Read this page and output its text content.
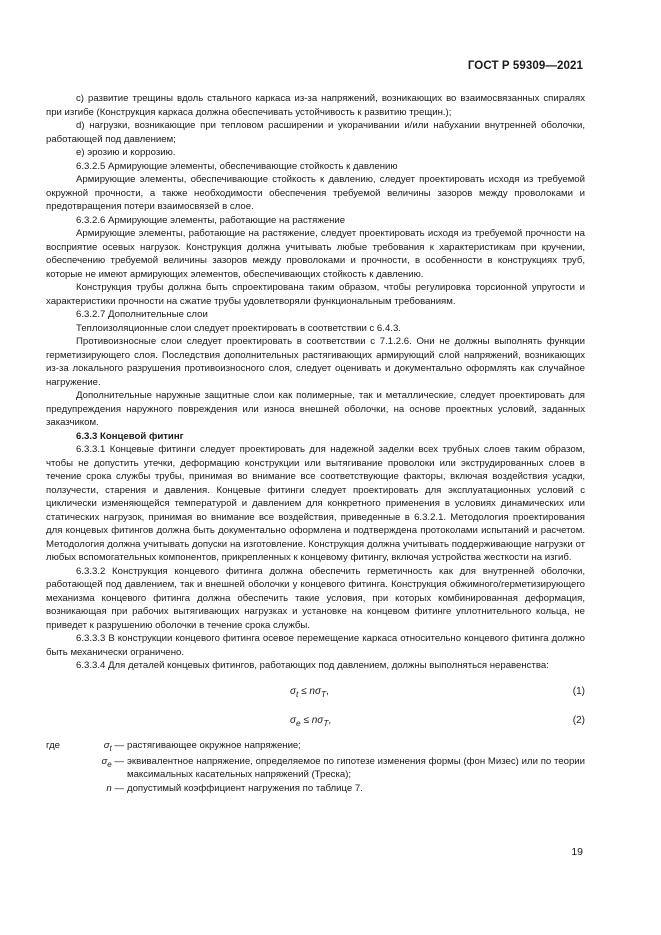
ГОСТ Р 59309—2021

с) развитие трещины вдоль стального каркаса из-за напряжений, возникающих во взаимосвязанных спиралях при изгибе (Конструкция каркаса должна обеспечивать устойчивость к развитию трещин.);

d) нагрузки, возникающие при тепловом расширении и укорачивании и/или набухании внутренней оболочки, работающей под давлением;

е) эрозию и коррозию.

6.3.2.5 Армирующие элементы, обеспечивающие стойкость к давлению

Армирующие элементы, обеспечивающие стойкость к давлению, следует проектировать исходя из требуемой окружной прочности, а также необходимости обеспечения требуемой величины зазоров между проволоками и предотвращения потери взаимосвязей в слое.

6.3.2.6 Армирующие элементы, работающие на растяжение

Армирующие элементы, работающие на растяжение, следует проектировать исходя из требуемой прочности на восприятие осевых нагрузок. Конструкция должна учитывать любые требования к характеристикам при кручении, обеспечению требуемой величины зазоров между проволоками и прочности, в особенности в конструкциях труб, которые не имеют армирующих элементов, обеспечивающих стойкость к давлению.

Конструкция трубы должна быть спроектирована таким образом, чтобы регулировка торсионной упругости и характеристики прочности на сжатие трубы удовлетворяли функциональным требованиям.

6.3.2.7 Дополнительные слои

Теплоизоляционные слои следует проектировать в соответствии с 6.4.3.

Противоизносные слои следует проектировать в соответствии с 7.1.2.6. Они не должны выполнять функции герметизирующего слоя. Последствия дополнительных растягивающих армирующий слой напряжений, возникающих из-за локального разрушения противоизносного слоя, следует оценивать и документально оформлять как случайное нагружение.

Дополнительные наружные защитные слои как полимерные, так и металлические, следует проектировать для предупреждения наружного повреждения или износа внешней оболочки, на основе проектных условий, заданных заказчиком.

6.3.3 Концевой фитинг

6.3.3.1 Концевые фитинги следует проектировать для надежной заделки всех трубных слоев таким образом, чтобы не допустить утечки, деформацию конструкции или вытягивание проволоки или экструдированных слоев в течение срока службы трубы, принимая во внимание все соответствующие факторы, включая воздействия усадки, ползучести, старения и давления. Концевые фитинги следует проектировать для эксплуатационных условий с циклически изменяющейся температурой и давлением для конкретного применения в условиях динамических или статических нагрузок, принимая во внимание все воздействия, приведенные в 6.3.2.1. Методология проектирования для концевых фитингов должна быть документально оформлена и подтверждена протоколами испытаний и расчетом. Методология должна учитывать допуски на изготовление. Конструкция должна учитывать поддерживающие нагрузки от любых вспомогательных компонентов, прикрепленных к концевому фитингу, включая устройства жесткости на изгиб.

6.3.3.2 Конструкция концевого фитинга должна обеспечить герметичность как для внутренней оболочки, работающей под давлением, так и внешней оболочки у концевого фитинга. Конструкция обжимного/герметизирующего механизма концевого фитинга должна обеспечить такие условия, при которых комбинированная деформация, возникающая при рабочих вытягивающих нагрузках и установке на концевом фитинге уплотнительного кольца, не приведет к разрушению оболочки в течение срока службы.

6.3.3.3 В конструкции концевого фитинга осевое перемещение каркаса относительно концевого фитинга должно быть механически ограничено.

6.3.3.4 Для деталей концевых фитингов, работающих под давлением, должны выполняться неравенства:

$\sigma_t \le n\sigma_T$,	(1)
$\sigma_e \le n\sigma_T$,	(2)
где	$\sigma_t$ — растягивающее окружное напряжение;
$\sigma_e$ — эквивалентное напряжение, определяемое по гипотезе изменения формы (фон Мизес) или по теории максимальных касательных напряжений (Треска);
n — допустимый коэффициент нагружения по таблице 7.
19
